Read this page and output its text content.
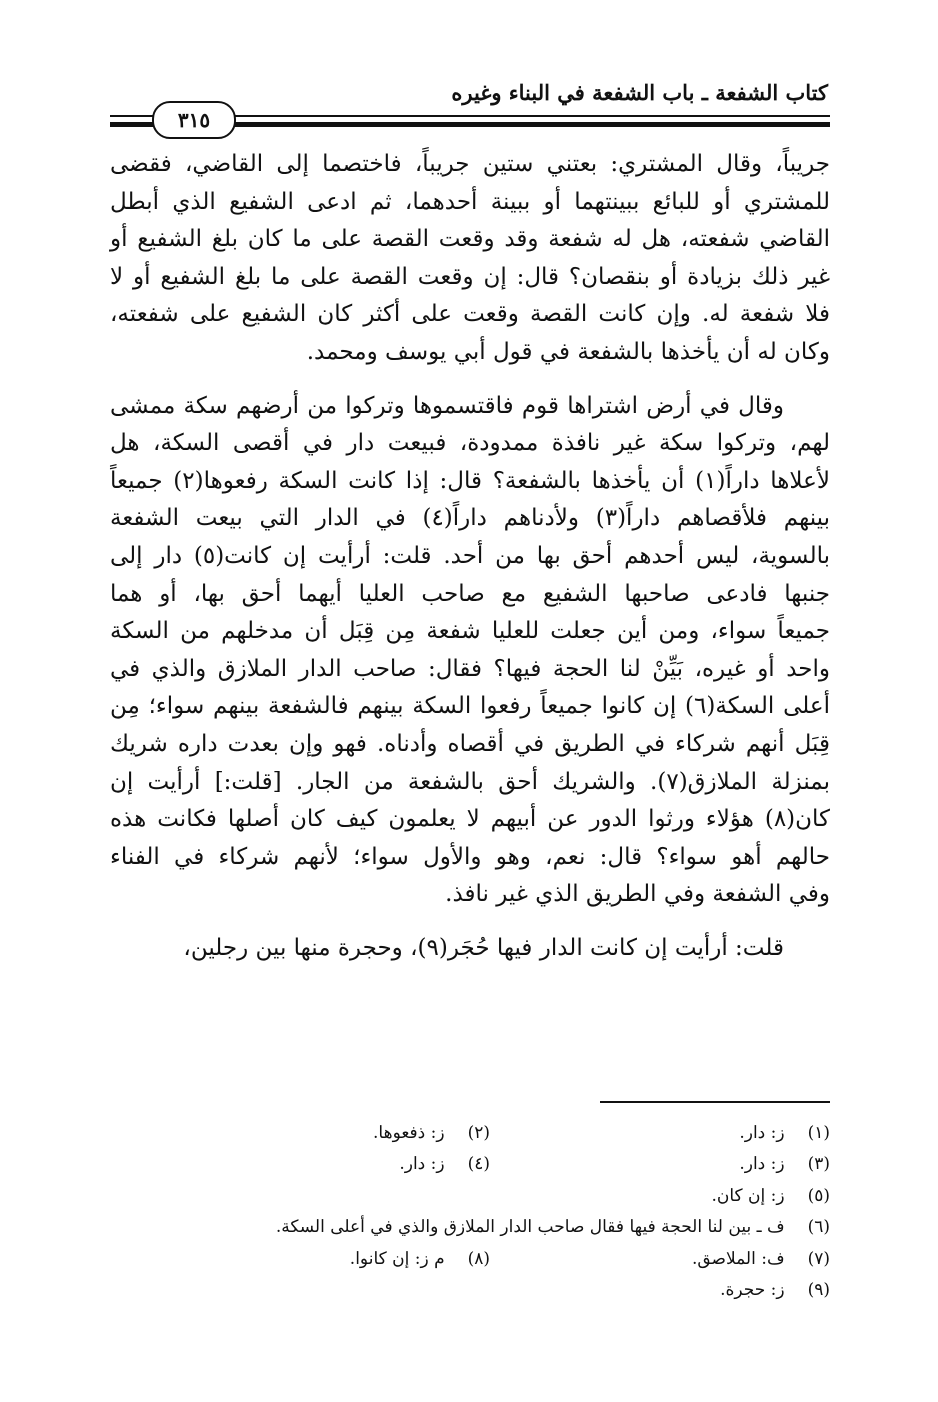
كتاب الشفعة ـ باب الشفعة في البناء وغيره
٣١٥
جريباً، وقال المشتري: بعتني ستين جريباً، فاختصما إلى القاضي، فقضى
للمشتري أو للبائع ببينتهما أو ببينة أحدهما، ثم ادعى الشفيع الذي أبطل
القاضي شفعته، هل له شفعة وقد وقعت القصة على ما كان بلغ الشفيع أو
غير ذلك بزيادة أو بنقصان؟ قال: إن وقعت القصة على ما بلغ الشفيع أو لا
فلا شفعة له. وإن كانت القصة وقعت على أكثر كان الشفيع على شفعته،
وكان له أن يأخذها بالشفعة في قول أبي يوسف ومحمد.
وقال في أرض اشتراها قوم فاقتسموها وتركوا من أرضهم سكة ممشى
لهم، وتركوا سكة غير نافذة ممدودة، فبيعت دار في أقصى السكة، هل
لأعلاها داراً(١) أن يأخذها بالشفعة؟ قال: إذا كانت السكة رفعوها(٢) جميعاً
بينهم فلأقصاهم داراً(٣) ولأدناهم داراً(٤) في الدار التي بيعت الشفعة
بالسوية، ليس أحدهم أحق بها من أحد. قلت: أرأيت إن كانت(٥) دار إلى
جنبها فادعى صاحبها الشفيع مع صاحب العليا أيهما أحق بها، أو هما
جميعاً سواء، ومن أين جعلت للعليا شفعة مِن قِبَل أن مدخلهم من السكة
واحد أو غيره، بَيِّنْ لنا الحجة فيها؟ فقال: صاحب الدار الملازق والذي في
أعلى السكة(٦) إن كانوا جميعاً رفعوا السكة بينهم فالشفعة بينهم سواء؛ مِن
قِبَل أنهم شركاء في الطريق في أقصاه وأدناه. فهو وإن بعدت داره شريك
بمنزلة الملازق(٧). والشريك أحق بالشفعة من الجار. [قلت:] أرأيت إن
كان(٨) هؤلاء ورثوا الدور عن أبيهم لا يعلمون كيف كان أصلها فكانت هذه
حالهم أهو سواء؟ قال: نعم، وهو والأول سواء؛ لأنهم شركاء في الفناء
وفي الشفعة وفي الطريق الذي غير نافذ.
قلت: أرأيت إن كانت الدار فيها حُجَر(٩)، وحجرة منها بين رجلين،
(١) ز: دار.
(٢) ز: ذفعوها.
(٣) ز: دار.
(٤) ز: دار.
(٥) ز: إن كان.
(٦) ف ـ بين لنا الحجة فيها فقال صاحب الدار الملازق والذي في أعلى السكة.
(٧) ف: الملاصق.
(٨) م ز: إن كانوا.
(٩) ز: حجرة.
